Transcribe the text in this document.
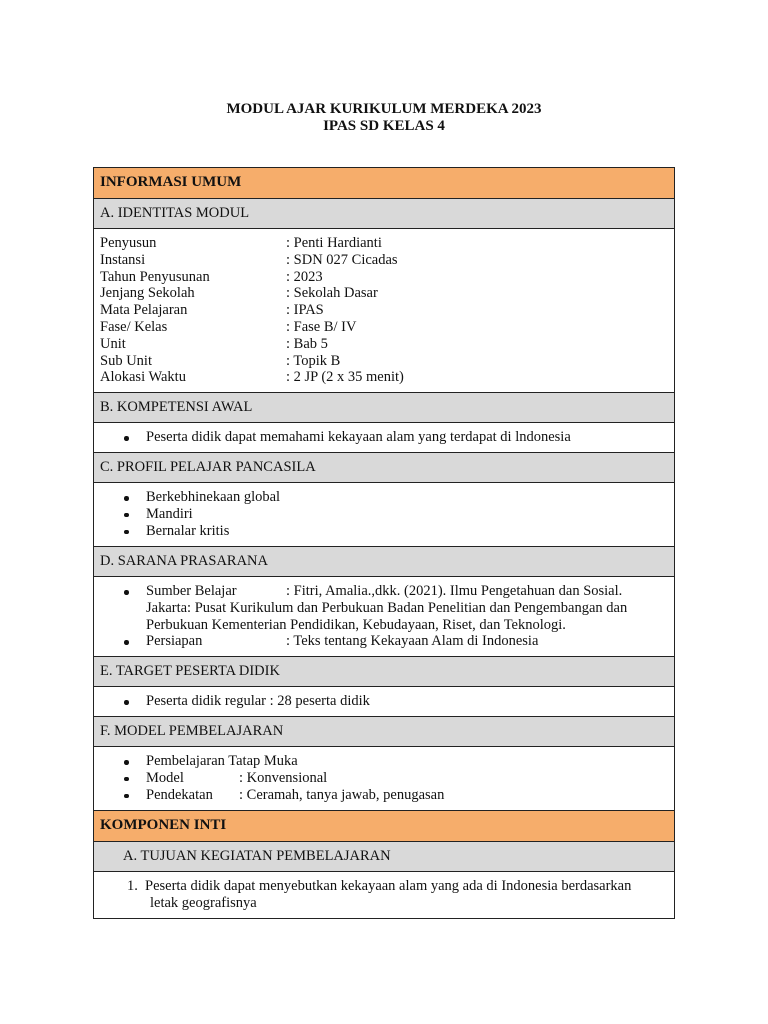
MODUL AJAR KURIKULUM MERDEKA 2023
IPAS SD KELAS 4
INFORMASI UMUM
A. IDENTITAS MODUL
Penyusun	: Penti Hardianti
Instansi	: SDN 027 Cicadas
Tahun Penyusunan	: 2023
Jenjang Sekolah	: Sekolah Dasar
Mata Pelajaran	: IPAS
Fase/ Kelas	: Fase B/ IV
Unit	: Bab 5
Sub Unit	: Topik B
Alokasi Waktu	: 2 JP (2 x 35 menit)
B. KOMPETENSI AWAL
Peserta didik dapat memahami kekayaan alam yang terdapat di lndonesia
C. PROFIL PELAJAR PANCASILA
Berkebhinekaan global
Mandiri
Bernalar kritis
D. SARANA PRASARANA
Sumber Belajar	: Fitri, Amalia.,dkk. (2021). Ilmu Pengetahuan dan Sosial.
Jakarta: Pusat Kurikulum dan Perbukuan Badan Penelitian dan Pengembangan dan
Perbukuan Kementerian Pendidikan, Kebudayaan, Riset, dan Teknologi.
Persiapan	: Teks tentang Kekayaan Alam di Indonesia
E. TARGET PESERTA DIDIK
Peserta didik regular : 28 peserta didik
F. MODEL PEMBELAJARAN
Pembelajaran Tatap Muka
Model	: Konvensional
Pendekatan : Ceramah, tanya jawab, penugasan
KOMPONEN INTI
A. TUJUAN KEGIATAN PEMBELAJARAN
1. Peserta didik dapat menyebutkan kekayaan alam yang ada di Indonesia berdasarkan
letak geografisnya
